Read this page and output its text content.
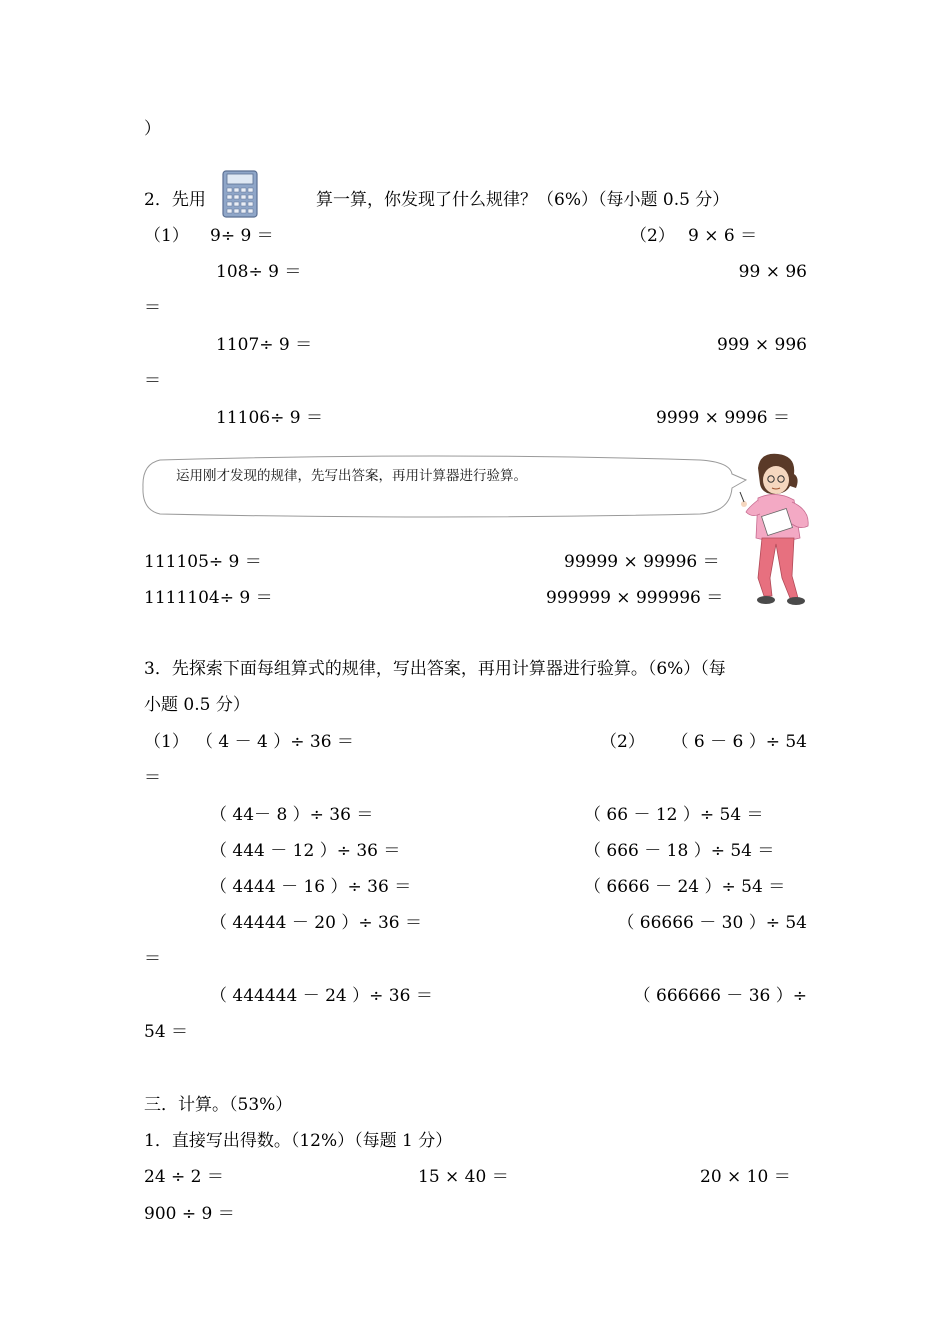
）
2．先用	算一算，你发现了什么规律？（6%）（每小题 0.5 分）
（1） 9÷ 9 ＝	（2） 9 × 6 ＝
108÷ 9 ＝	99 × 96
＝
1107÷ 9 ＝	999 × 996
＝
11106÷ 9 ＝	9999 × 9996 ＝
运用刚才发现的规律，先写出答案，再用计算器进行验算。
111105÷ 9 ＝	99999 × 99996 ＝
1111104÷ 9 ＝	999999 × 999996 ＝
3．先探索下面每组算式的规律，写出答案，再用计算器进行验算。（6%）（每
小题 0.5 分）
（1） （ 4 － 4 ）÷ 36 ＝	（2）	（ 6 － 6 ）÷ 54
＝
（ 44－ 8 ）÷ 36 ＝	（ 66 － 12 ）÷ 54 ＝
（ 444 － 12 ）÷ 36 ＝	（ 666 － 18 ）÷ 54 ＝
（ 4444 － 16 ）÷ 36 ＝	（ 6666 － 24 ）÷ 54 ＝
（ 44444 － 20 ）÷ 36 ＝	（ 66666 － 30 ）÷ 54
＝
（ 444444 － 24 ）÷ 36 ＝	（ 666666 － 36 ）÷
54 ＝
三．计算。（53%）
1．直接写出得数。（12%）（每题 1 分）
24 ÷ 2 ＝	15 × 40 ＝	20 × 10 ＝
900 ÷ 9 ＝
